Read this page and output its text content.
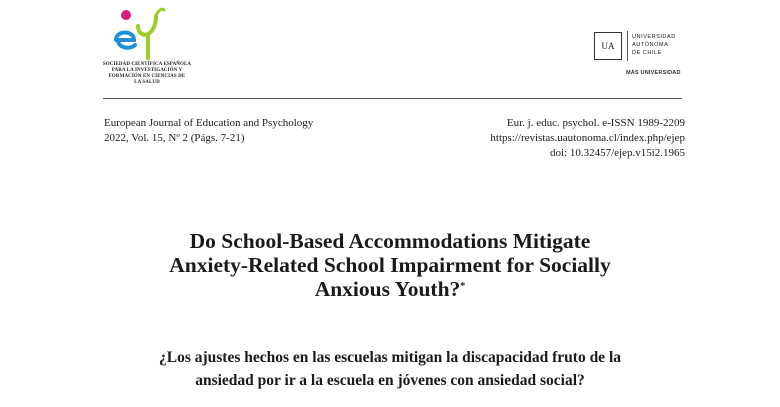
SOCIEDAD CIENTÍFICA ESPAÑOLA
PARA LA INVESTIGACIÓN Y
FORMACIÓN EN CIENCIAS DE
LA SALUD
UA
UNIVERSIDAD
AUTÓNOMA
DE CHILE
MÁS UNIVERSIDAD
European Journal of Education and Psychology
2022, Vol. 15, Nº 2 (Págs. 7-21)
Eur. j. educ. psychol. e-ISSN 1989-2209
https://revistas.uautonoma.cl/index.php/ejep
doi: 10.32457/ejep.v15i2.1965
Do School-Based Accommodations Mitigate
Anxiety-Related School Impairment for Socially
Anxious Youth?*
¿Los ajustes hechos en las escuelas mitigan la discapacidad fruto de la
ansiedad por ir a la escuela en jóvenes con ansiedad social?
